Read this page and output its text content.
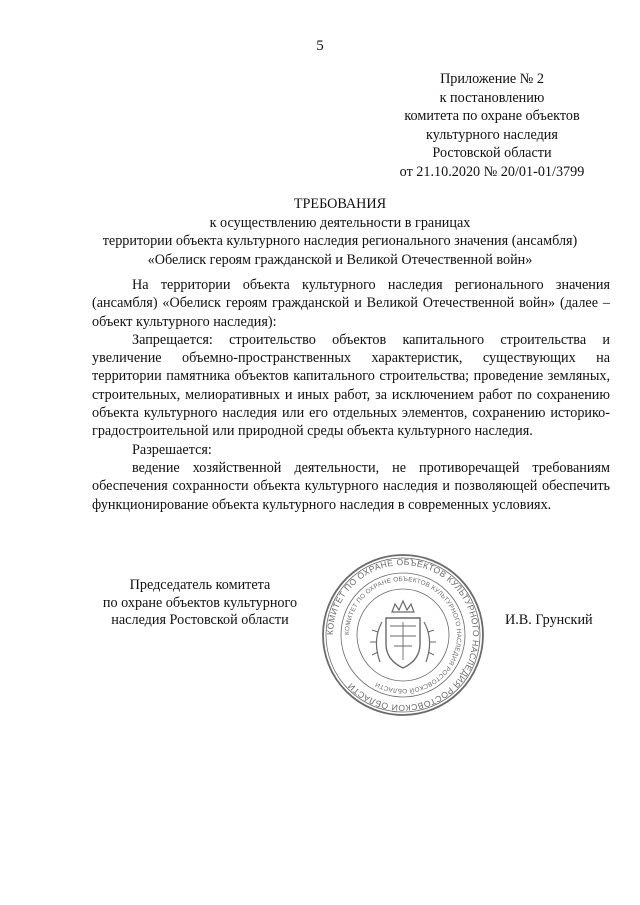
5
Приложение № 2
к постановлению
комитета по охране объектов
культурного наследия
Ростовской области
от 21.10.2020 № 20/01-01/3799
ТРЕБОВАНИЯ
к осуществлению деятельности в границах
территории объекта культурного наследия регионального значения (ансамбля)
«Обелиск героям гражданской и Великой Отечественной войн»

На территории объекта культурного наследия регионального значения (ансамбля) «Обелиск героям гражданской и Великой Отечественной войн» (далее – объект культурного наследия):

Запрещается: строительство объектов капитального строительства и увеличение объемно-пространственных характеристик, существующих на территории памятника объектов капитального строительства; проведение земляных, строительных, мелиоративных и иных работ, за исключением работ по сохранению объекта культурного наследия или его отдельных элементов, сохранению историко-градостроительной или природной среды объекта культурного наследия.

Разрешается:

ведение хозяйственной деятельности, не противоречащей требованиям обеспечения сохранности объекта культурного наследия и позволяющей обеспечить функционирование объекта культурного наследия в современных условиях.

Председатель комитета
по охране объектов культурного
наследия Ростовской области
КОМИТЕТ ПО ОХРАНЕ ОБЪЕКТОВ КУЛЬТУРНОГО НАСЛЕДИЯ РОСТОВСКОЙ ОБЛАСТИ
КОМИТЕТ ПО ОХРАНЕ ОБЪЕКТОВ КУЛЬТУРНОГО НАСЛЕДИЯ РОСТОВСКОЙ ОБЛАСТИ
И.В. Грунский
